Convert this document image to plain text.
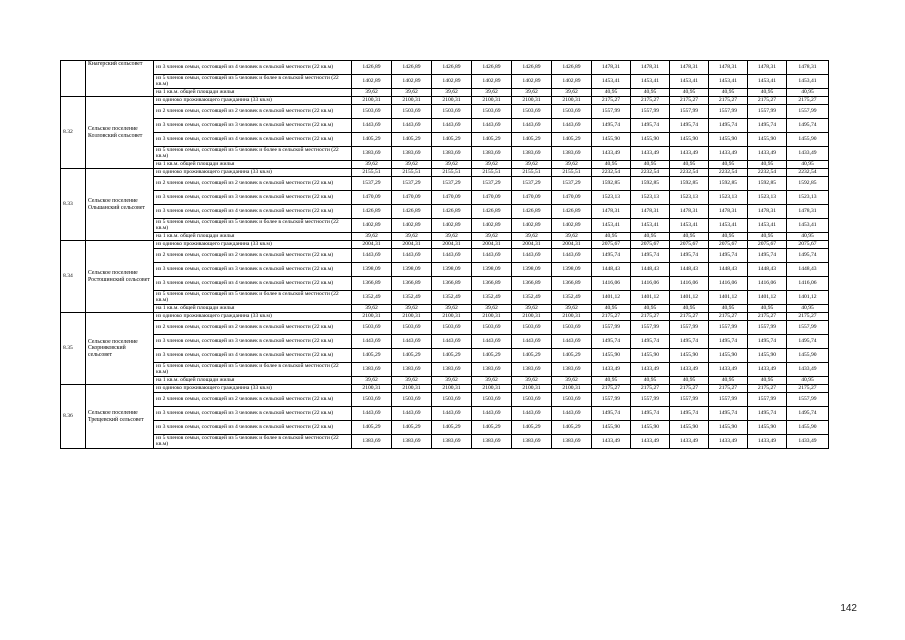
	Кнагерский сельсовет	из 3 членов семьи, состоящей из 4 человек в сельской местности (22 кв.м)	1426,89	1426,89	1426,89	1426,89	1426,89	1426,89	1478,31	1478,31	1478,31	1478,31	1478,31	1478,31
		из 5 членов семьи, состоящей из 5 человек и более в сельской местности (22 кв.м)	1402,89	1402,89	1402,89	1402,89	1402,89	1402,89	1453,41	1453,41	1453,41	1453,41	1453,41	1453,41
		на 1 кв.м. общей площади жилья	39,62	39,62	39,62	39,62	39,62	39,62	40,95	40,95	40,95	40,95	40,95	40,95
8.32	Сельское поселение Козловский сельсовет	из одиноко проживающего гражданина (33 кв.м)	2100,31	2100,31	2100,31	2100,31	2100,31	2100,31	2175,27	2175,27	2175,27	2175,27	2175,27	2175,27
		из 2 членов семьи, состоящей из 2 человек в сельской местности (22 кв.м)	1503,69	1503,69	1503,69	1503,69	1503,69	1503,69	1557,99	1557,99	1557,99	1557,99	1557,99	1557,99
		из 3 членов семьи, состоящей из 3 человек в сельской местности (22 кв.м)	1443,69	1443,69	1443,69	1443,69	1443,69	1443,69	1495,74	1495,74	1495,74	1495,74	1495,74	1495,74
		из 3 членов семьи, состоящей из 4 человек в сельской местности (22 кв.м)	1405,29	1405,29	1405,29	1405,29	1405,29	1405,29	1455,90	1455,90	1455,90	1455,90	1455,90	1455,90
		из 5 членов семьи, состоящей из 5 человек и более в сельской местности (22 кв.м)	1383,69	1383,69	1383,69	1383,69	1383,69	1383,69	1433,49	1433,49	1433,49	1433,49	1433,49	1433,49
		на 1 кв.м. общей площади жилья	39,62	39,62	39,62	39,62	39,62	39,62	40,95	40,95	40,95	40,95	40,95	40,95
8.33	Сельское поселение Ольшанский сельсовет	из одиноко проживающего гражданина (33 кв.м)	2155,51	2155,51	2155,51	2155,51	2155,51	2155,51	2232,54	2232,54	2232,54	2232,54	2232,54	2232,54
		из 2 членов семьи, состоящей из 2 человек в сельской местности (22 кв.м)	1537,29	1537,29	1537,29	1537,29	1537,29	1537,29	1592,85	1592,85	1592,85	1592,85	1592,85	1592,85
		из 3 членов семьи, состоящей из 3 человек в сельской местности (22 кв.м)	1470,09	1470,09	1470,09	1470,09	1470,09	1470,09	1523,13	1523,13	1523,13	1523,13	1523,13	1523,13
		из 3 членов семьи, состоящей из 4 человек в сельской местности (22 кв.м)	1426,89	1426,89	1426,89	1426,89	1426,89	1426,89	1478,31	1478,31	1478,31	1478,31	1478,31	1478,31
		из 5 членов семьи, состоящей из 5 человек и более в сельской местности (22 кв.м)	1402,89	1402,89	1402,89	1402,89	1402,89	1402,89	1453,41	1453,41	1453,41	1453,41	1453,41	1453,41
		на 1 кв.м. общей площади жилья	39,62	39,62	39,62	39,62	39,62	39,62	40,95	40,95	40,95	40,95	40,95	40,95
8.34	Сельское поселение Ростошинский сельсовет	из одиноко проживающего гражданина (33 кв.м)	2004,31	2004,31	2004,31	2004,31	2004,31	2004,31	2075,67	2075,67	2075,67	2075,67	2075,67	2075,67
		из 2 членов семьи, состоящей из 2 человек в сельской местности (22 кв.м)	1443,69	1443,69	1443,69	1443,69	1443,69	1443,69	1495,74	1495,74	1495,74	1495,74	1495,74	1495,74
		из 3 членов семьи, состоящей из 3 человек в сельской местности (22 кв.м)	1398,09	1398,09	1398,09	1398,09	1398,09	1398,09	1448,43	1448,43	1448,43	1448,43	1448,43	1448,43
		из 3 членов семьи, состоящей из 4 человек в сельской местности (22 кв.м)	1366,89	1366,89	1366,89	1366,89	1366,89	1366,89	1416,06	1416,06	1416,06	1416,06	1416,06	1416,06
		из 5 членов семьи, состоящей из 5 человек и более в сельской местности (22 кв.м)	1352,49	1352,49	1352,49	1352,49	1352,49	1352,49	1401,12	1401,12	1401,12	1401,12	1401,12	1401,12
		на 1 кв.м. общей площади жилья	39,62	39,62	39,62	39,62	39,62	39,62	40,95	40,95	40,95	40,95	40,95	40,95
8.35	Сельское поселение Скорняковский сельсовет	из одиноко проживающего гражданина (33 кв.м)	2100,31	2100,31	2100,31	2100,31	2100,31	2100,31	2175,27	2175,27	2175,27	2175,27	2175,27	2175,27
		из 2 членов семьи, состоящей из 2 человек в сельской местности (22 кв.м)	1503,69	1503,69	1503,69	1503,69	1503,69	1503,69	1557,99	1557,99	1557,99	1557,99	1557,99	1557,99
		из 3 членов семьи, состоящей из 3 человек в сельской местности (22 кв.м)	1443,69	1443,69	1443,69	1443,69	1443,69	1443,69	1495,74	1495,74	1495,74	1495,74	1495,74	1495,74
		из 3 членов семьи, состоящей из 4 человек в сельской местности (22 кв.м)	1405,29	1405,29	1405,29	1405,29	1405,29	1405,29	1455,90	1455,90	1455,90	1455,90	1455,90	1455,90
		из 5 членов семьи, состоящей из 5 человек и более в сельской местности (22 кв.м)	1383,69	1383,69	1383,69	1383,69	1383,69	1383,69	1433,49	1433,49	1433,49	1433,49	1433,49	1433,49
		на 1 кв.м. общей площади жилья	39,62	39,62	39,62	39,62	39,62	39,62	40,95	40,95	40,95	40,95	40,95	40,95
8.36	Сельское поселение Трещевский сельсовет	из одиноко проживающего гражданина (33 кв.м)	2100,31	2100,31	2100,31	2100,31	2100,31	2100,31	2175,27	2175,27	2175,27	2175,27	2175,27	2175,27
		из 2 членов семьи, состоящей из 2 человек в сельской местности (22 кв.м)	1503,69	1503,69	1503,69	1503,69	1503,69	1503,69	1557,99	1557,99	1557,99	1557,99	1557,99	1557,99
		из 3 членов семьи, состоящей из 3 человек в сельской местности (22 кв.м)	1443,69	1443,69	1443,69	1443,69	1443,69	1443,69	1495,74	1495,74	1495,74	1495,74	1495,74	1495,74
		из 3 членов семьи, состоящей из 4 человек в сельской местности (22 кв.м)	1405,29	1405,29	1405,29	1405,29	1405,29	1405,29	1455,90	1455,90	1455,90	1455,90	1455,90	1455,90
		из 5 членов семьи, состоящей из 5 человек и более в сельской местности (22 кв.м)	1383,69	1383,69	1383,69	1383,69	1383,69	1383,69	1433,49	1433,49	1433,49	1433,49	1433,49	1433,49
142
